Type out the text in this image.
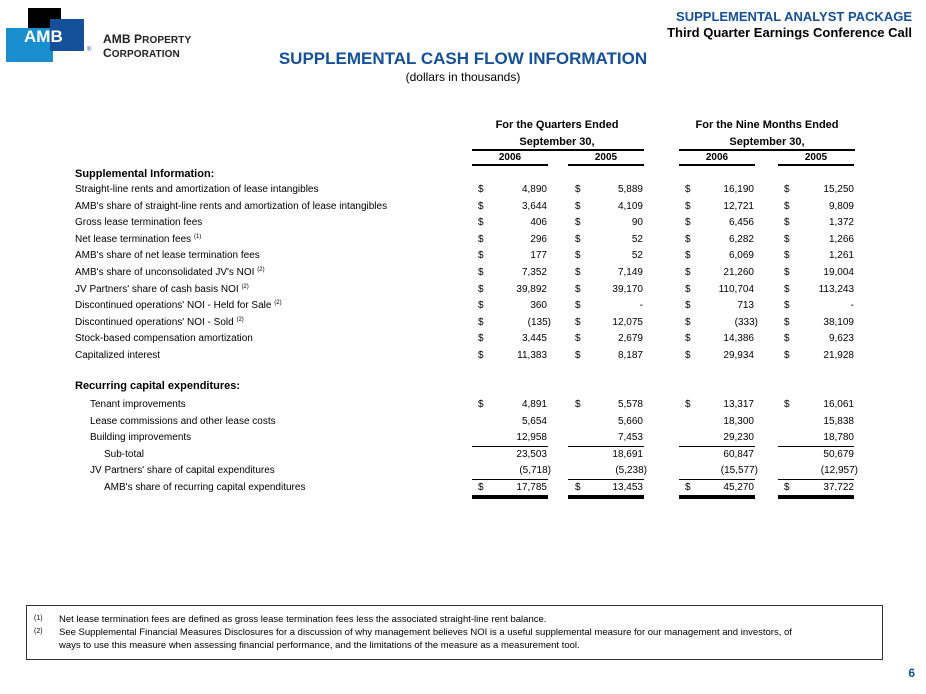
AMB
®
AMB PROPERTY CORPORATION
SUPPLEMENTAL ANALYST PACKAGE
Third Quarter Earnings Conference Call
SUPPLEMENTAL CASH FLOW INFORMATION
(dollars in thousands)
For the Quarters Ended
September 30,
For the Nine Months Ended
September 30,
2006	2005	2006	2005
Supplemental Information:
Straight-line rents and amortization of lease intangibles	$	4,890	$	5,889	$	16,190	$	15,250
AMB's share of straight-line rents and amortization of lease intangibles	$	3,644	$	4,109	$	12,721	$	9,809
Gross lease termination fees	$	406	$	90	$	6,456	$	1,372
Net lease termination fees $^{(1)}$	$	296	$	52	$	6,282	$	1,266
AMB's share of net lease termination fees	$	177	$	52	$	6,069	$	1,261
AMB's share of unconsolidated JV's NOI $^{(2)}$	$	7,352	$	7,149	$	21,260	$	19,004
JV Partners' share of cash basis NOI $^{(2)}$	$	39,892	$	39,170	$	110,704	$	113,243
Discontinued operations' NOI - Held for Sale $^{(2)}$	$	360	$	-	$	713	$	-
Discontinued operations' NOI - Sold $^{(2)}$	$	(135) $	12,075	$	(333)	$	38,109
Stock-based compensation amortization	$	3,445	$	2,679	$	14,386	$	9,623
Capitalized interest	$	11,383	$	8,187	$	29,934	$	21,928
Recurring capital expenditures:
Tenant improvements	$	4,891	$	5,578	$	13,317	$	16,061
Lease commissions and other lease costs	5,654	5,660	18,300	15,838
Building improvements	12,958	7,453	29,230	18,780
Sub-total	23,503	18,691	60,847	50,679
JV Partners' share of capital expenditures	(5,718)	(5,238)	(15,577)	(12,957)
AMB's share of recurring capital expenditures	$	17,785	$	13,453	$	45,270	$	37,722
(1) Net lease termination fees are defined as gross lease termination fees less the associated straight-line rent balance.
(2) See Supplemental Financial Measures Disclosures for a discussion of why management believes NOI is a useful supplemental measure for our management and investors, of
ways to use this measure when assessing financial performance, and the limitations of the measure as a measurement tool.
6
